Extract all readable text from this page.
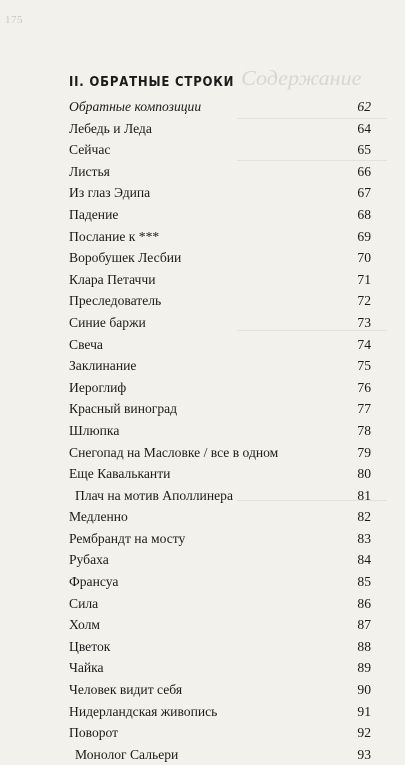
175
Содержание
II. ОБРАТНЫЕ СТРОКИ
Обратные композиции	62
Лебедь и Леда	64
Сейчас	65
Листья	66
Из глаз Эдипа	67
Падение	68
Послание к ***	69
Воробушек Лесбии	70
Клара Петаччи	71
Преследователь	72
Синие баржи	73
Свеча	74
Заклинание	75
Иероглиф	76
Красный виноград	77
Шлюпка	78
Снегопад на Масловке / все в одном	79
Еще Кавальканти	80
Плач на мотив Аполлинера	81
Медленно	82
Рембрандт на мосту	83
Рубаха	84
Франсуа	85
Сила	86
Холм	87
Цветок	88
Чайка	89
Человек видит себя	90
Нидерландская живопись	91
Поворот	92
Монолог Сальери	93
